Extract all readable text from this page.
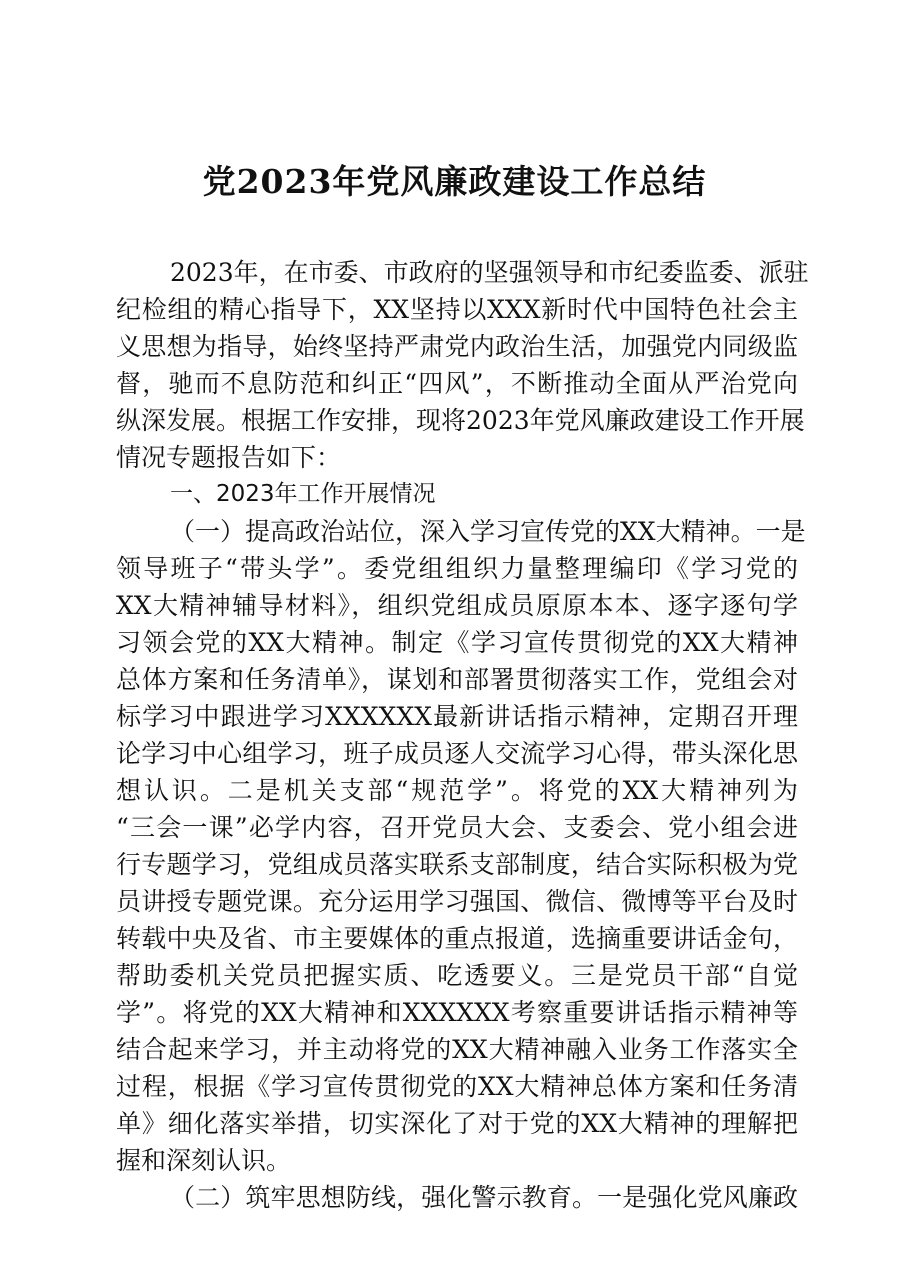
党2023年党风廉政建设工作总结
2023年，在市委、市政府的坚强领导和市纪委监委、派驻
纪检组的精心指导下，XX坚持以XXX新时代中国特色社会主
义思想为指导，始终坚持严肃党内政治生活，加强党内同级监
督，驰而不息防范和纠正“四风”，不断推动全面从严治党向
纵深发展。根据工作安排，现将2023年党风廉政建设工作开展
情况专题报告如下：
一、2023年工作开展情况
（一）提高政治站位，深入学习宣传党的XX大精神。一是
领导班子“带头学”。委党组组织力量整理编印《学习党的
XX大精神辅导材料》，组织党组成员原原本本、逐字逐句学
习领会党的XX大精神。制定《学习宣传贯彻党的XX大精神
总体方案和任务清单》，谋划和部署贯彻落实工作，党组会对
标学习中跟进学习XXXXXX最新讲话指示精神，定期召开理
论学习中心组学习，班子成员逐人交流学习心得，带头深化思
想认识。二是机关支部“规范学”。将党的XX大精神列为
“三会一课”必学内容，召开党员大会、支委会、党小组会进
行专题学习，党组成员落实联系支部制度，结合实际积极为党
员讲授专题党课。充分运用学习强国、微信、微博等平台及时
转载中央及省、市主要媒体的重点报道，选摘重要讲话金句，
帮助委机关党员把握实质、吃透要义。三是党员干部“自觉
学”。将党的XX大精神和XXXXXX考察重要讲话指示精神等
结合起来学习，并主动将党的XX大精神融入业务工作落实全
过程，根据《学习宣传贯彻党的XX大精神总体方案和任务清
单》细化落实举措，切实深化了对于党的XX大精神的理解把
握和深刻认识。
（二）筑牢思想防线，强化警示教育。一是强化党风廉政
